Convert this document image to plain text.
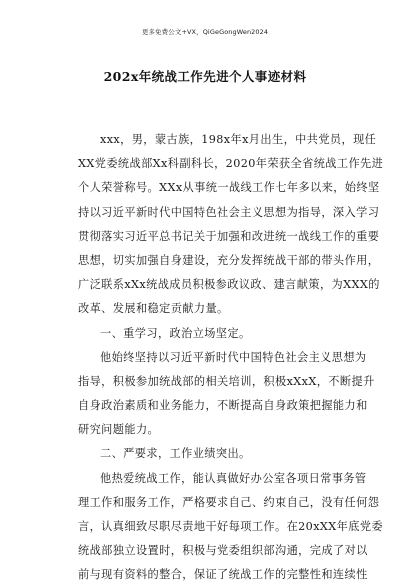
更多免费公文+VX，QiGeGongWen2024
202x年统战工作先进个人事迹材料
xxx，男，蒙古族，198x年x月出生，中共党员，现任
XX党委统战部Xx科副科长，2020年荣获全省统战工作先进
个人荣誉称号。XXx从事统一战线工作七年多以来，始终坚
持以习近平新时代中国特色社会主义思想为指导，深入学习
贯彻落实习近平总书记关于加强和改进统一战线工作的重要
思想，切实加强自身建设，充分发挥统战干部的带头作用，
广泛联系xXx统战成员积极参政议政、建言献策，为XXX的
改革、发展和稳定贡献力量。
一、重学习，政治立场坚定。
他始终坚持以习近平新时代中国特色社会主义思想为
指导，积极参加统战部的相关培训，积极xXxX，不断提升
自身政治素质和业务能力，不断提高自身政策把握能力和
研究问题能力。
二、严要求，工作业绩突出。
他热爱统战工作，能认真做好办公室各项日常事务管
理工作和服务工作，严格要求自己、约束自己，没有任何怨
言，认真细致尽职尽责地干好每项工作。在20xXX年底党委
统战部独立设置时，积极与党委组织部沟通，完成了对以
前与现有资料的整合，保证了统战工作的完整性和连续性
